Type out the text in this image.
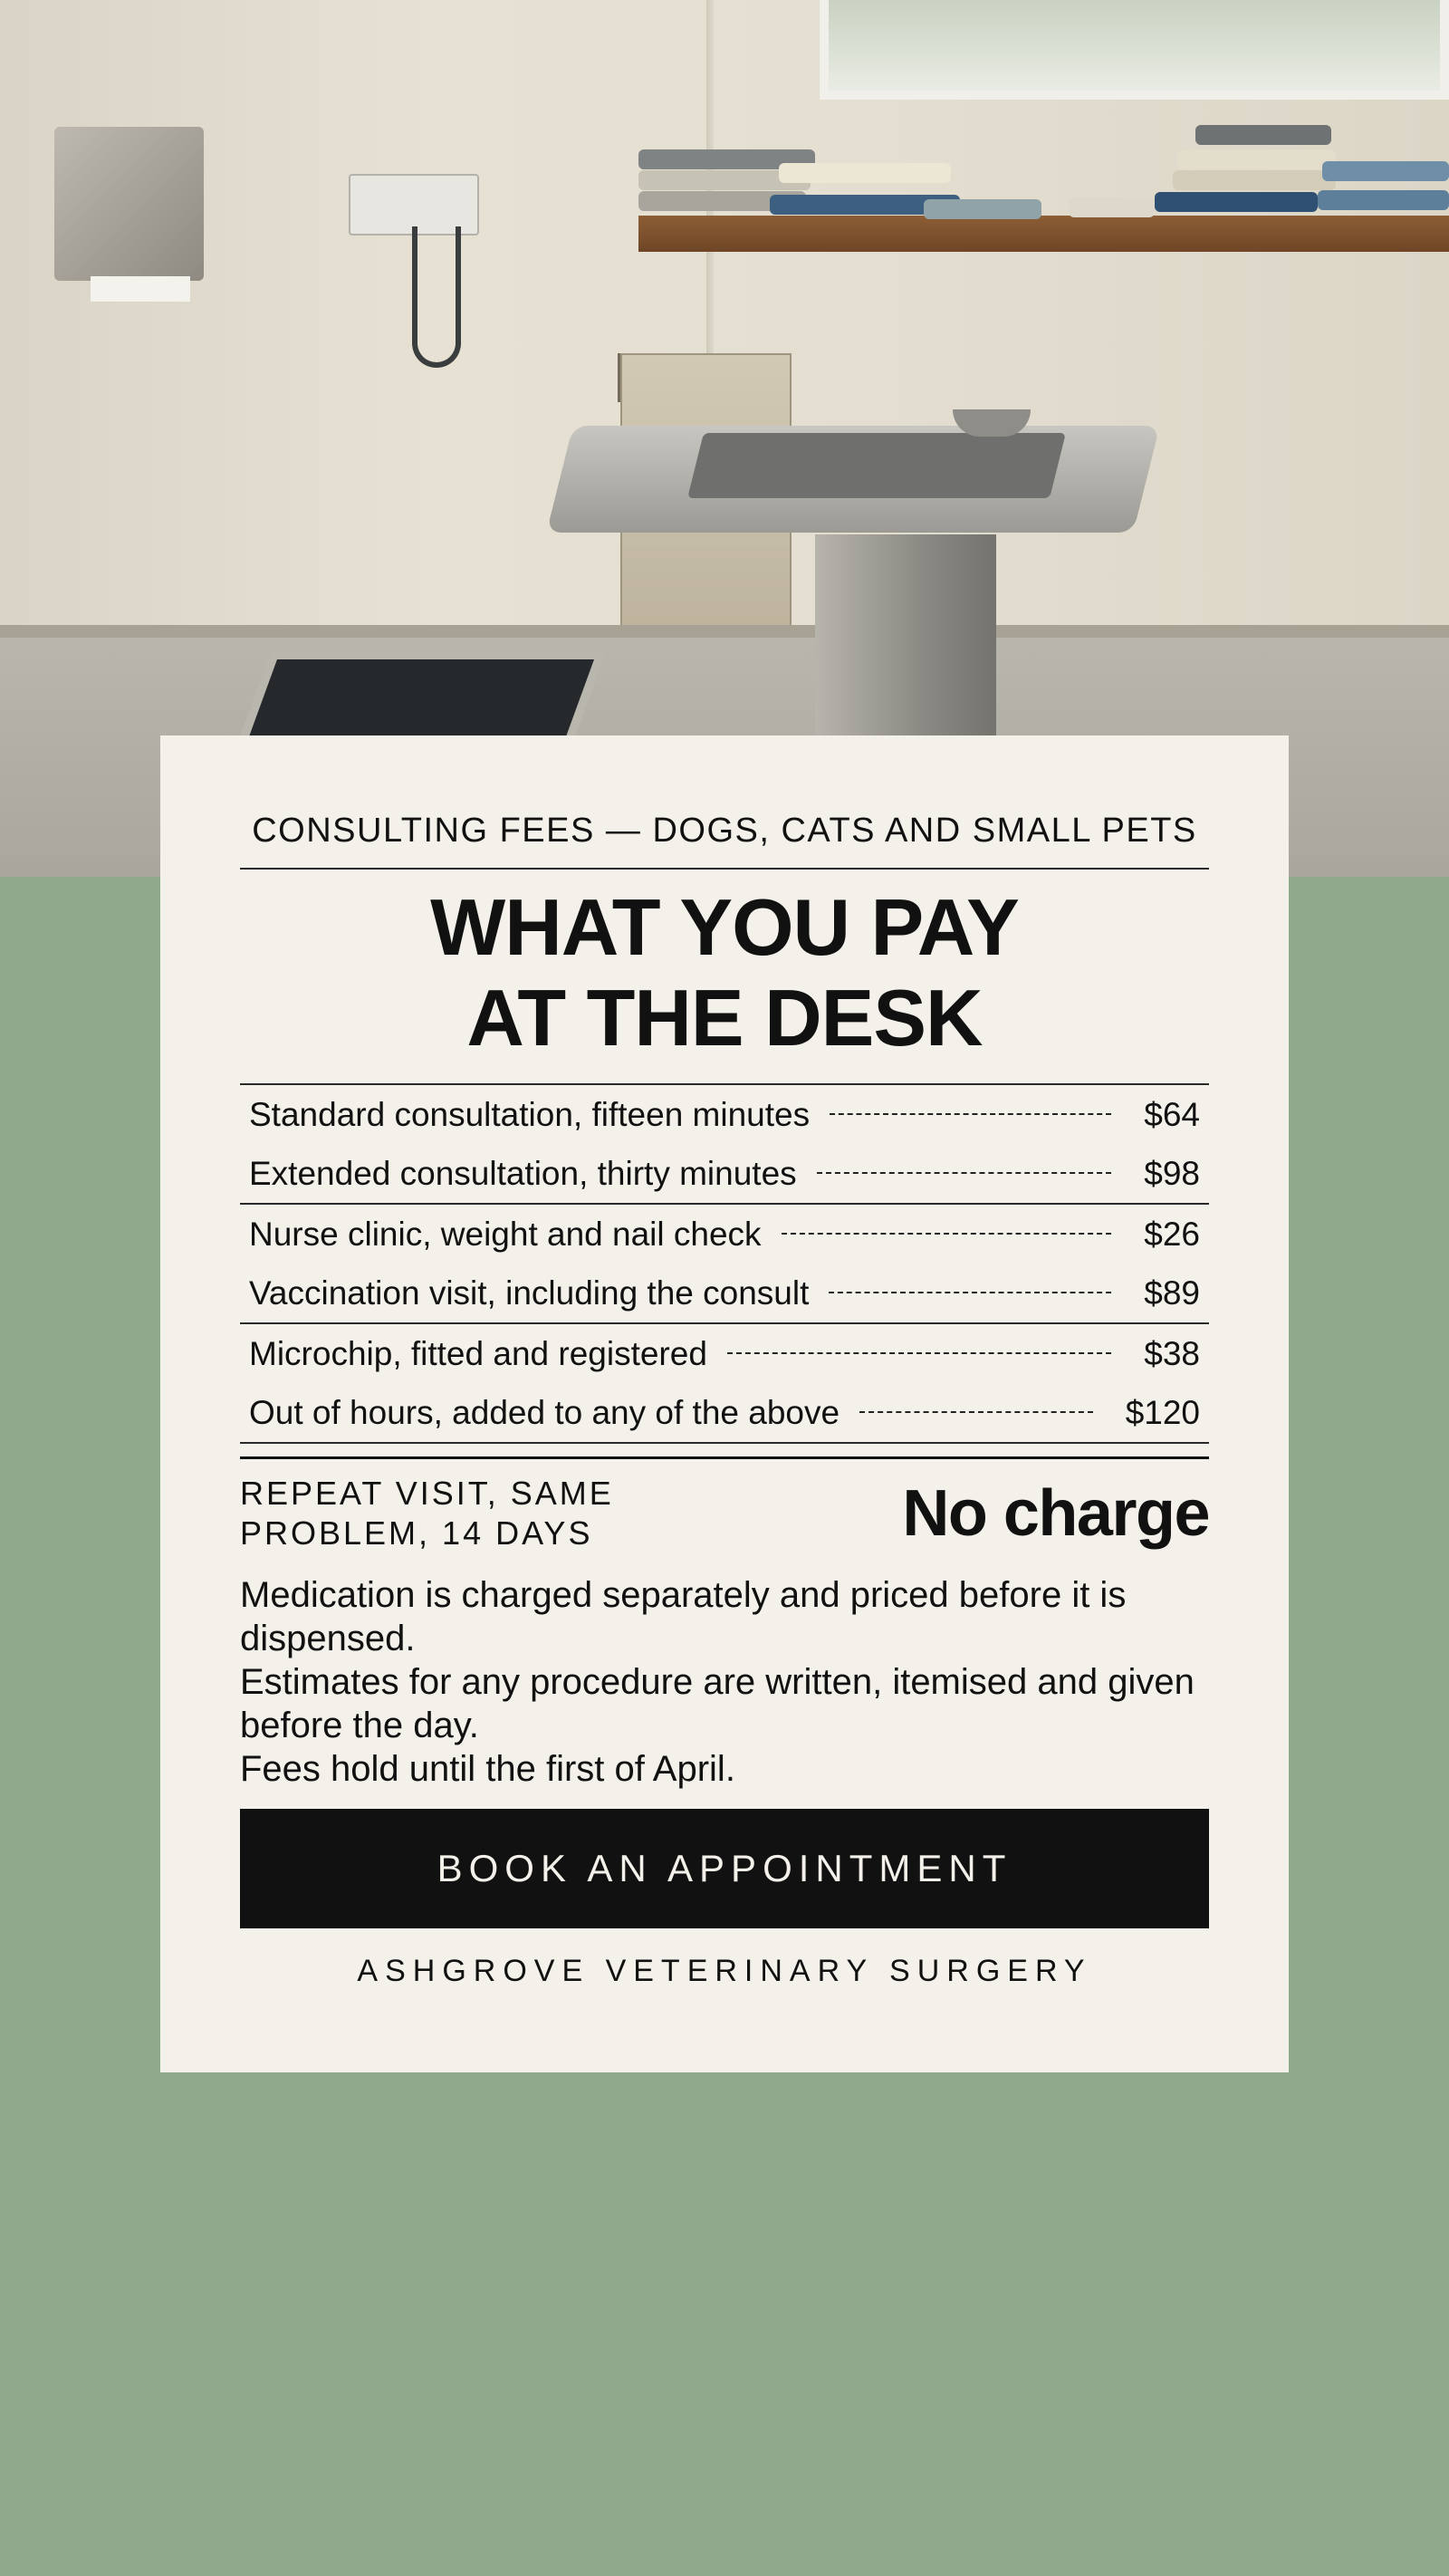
CONSULTING FEES — DOGS, CATS AND SMALL PETS
WHAT YOU PAY
AT THE DESK
Standard consultation, fifteen minutes	$64
Extended consultation, thirty minutes	$98
Nurse clinic, weight and nail check	$26
Vaccination visit, including the consult	$89
Microchip, fitted and registered	$38
Out of hours, added to any of the above	$120
REPEAT VISIT, SAME PROBLEM, 14 DAYS	No charge

Medication is charged separately and priced before it is dispensed.

Estimates for any procedure are written, itemised and given before the day.

Fees hold until the first of April.

BOOK AN APPOINTMENT
ASHGROVE VETERINARY SURGERY
